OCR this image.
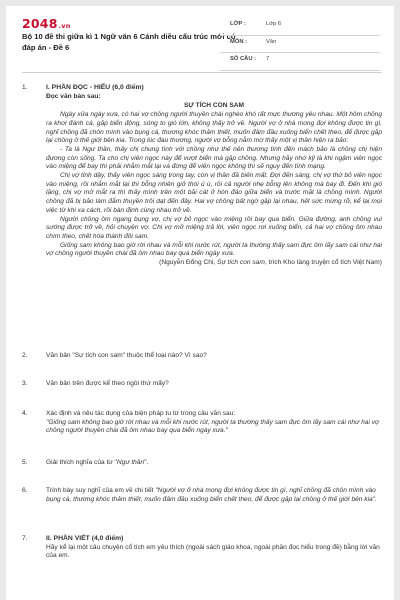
2048.vn
Bộ 10 đề thi giữa kì 1 Ngữ văn 6 Cánh diều cấu trúc mới có đáp án - Đề 6
LỚP :	Lớp 6
MÔN :	Văn
SỐ CÂU : 7
1.	I. PHẦN ĐỌC - HIỂU (6,0 điểm)
Đọc văn bản sau:
SỰ TÍCH CON SAM

Ngày xửa ngày xưa, có hai vợ chồng người thuyền chài nghèo khó rất mực thương yêu nhau. Một hôm chồng ra khơi đánh cá, gặp biển động, sóng to gió lớn, không thấy trở về. Người vợ ở nhà mong đợi không được tin gì, nghĩ chồng đã chôn mình vào bụng cá, thương khóc thảm thiết, muốn đâm đầu xuống biển chết theo, để được gặp lại chồng ở thế giới bên kia. Trong lúc đau thương, người vợ bỗng nằm mơ thấy một vị thần hiện ra bảo:

- Ta là Ngư thần, thấy chị chung tình với chồng như thế nên thương tình đến mách bảo là chồng chị hiện đương còn sống. Ta cho chị viên ngọc này để vượt biển mà gặp chồng. Nhưng hãy nhớ kỹ là khi ngậm viên ngọc vào miệng để bay thì phải nhắm mắt lại và đừng để viên ngọc không thì sẽ nguy đến tính mạng.

Chị vợ tỉnh dậy, thấy viên ngọc sáng trong tay, còn vị thần đã biến mất. Đợi đến sáng, chị vợ thử bỏ viên ngọc vào miệng, rồi nhắm mắt lại thì bỗng nhiên giở thói ú ù, rồi cả người nhẹ bỗng lên không mà bay đi. Đến khi gió lặng, chị vợ mở mắt ra thì thấy mình trên một bãi cát ở hòn đảo giữa biển và trước mặt là chồng mình. Người chồng đã bị bão làm đắm thuyền trôi dạt đến đây. Hai vợ chồng bất ngờ gặp lại nhau, hết sức mừng rỡ, kể lại mọi việc từ khi xa cách, rồi bàn định cùng nhau trở về.

Người chồng ôm ngang bụng vợ, chị vợ bỏ ngọc vào miệng rồi bay qua biển. Giữa đường, anh chồng vui sướng được trở về, hỏi chuyện vợ. Chị vợ mở miệng trả lời, viên ngọc rơi xuống biển, cả hai vợ chồng ôm nhau chìm theo, chết hóa thành đôi sam.

Giống sam không bao giờ rời nhau và mỗi khi nước rút, người ta thường thấy sam đực ôm lấy sam cái như hai vợ chồng người thuyền chài đã ôm nhau bay qua biển ngày xưa.

(Nguyễn Đổng Chi, Sự tích con sam, trích Kho tàng truyện cổ tích Việt Nam)
2.	Văn bản "Sự tích con sam" thuộc thể loại nào? Vì sao?
3.	Văn bản trên được kể theo ngôi thứ mấy?
4.	Xác định và nêu tác dụng của biện pháp tu từ trong câu văn sau:
"Giống sam không bao giờ rời nhau và mỗi khi nước rút, người ta thường thấy sam đực ôm lấy sam cái như hai vợ chồng người thuyền chài đã ôm nhau bay qua biển ngày xưa."
5.	Giải thích nghĩa của từ "Ngư thần".
6.	Trình bày suy nghĩ của em về chi tiết "Người vợ ở nhà mong đợi không được tin gì, nghĩ chồng đã chôn mình vào bụng cá, thương khóc thảm thiết, muốn đâm đầu xuống biển chết theo, để được gặp lại chồng ở thế giới bên kia".
7.	II. PHẦN VIẾT (4,0 điểm)
Hãy kể lại một câu chuyện cổ tích em yêu thích (ngoài sách giáo khoa, ngoài phần đọc hiểu trong đề) bằng lời văn của em.
